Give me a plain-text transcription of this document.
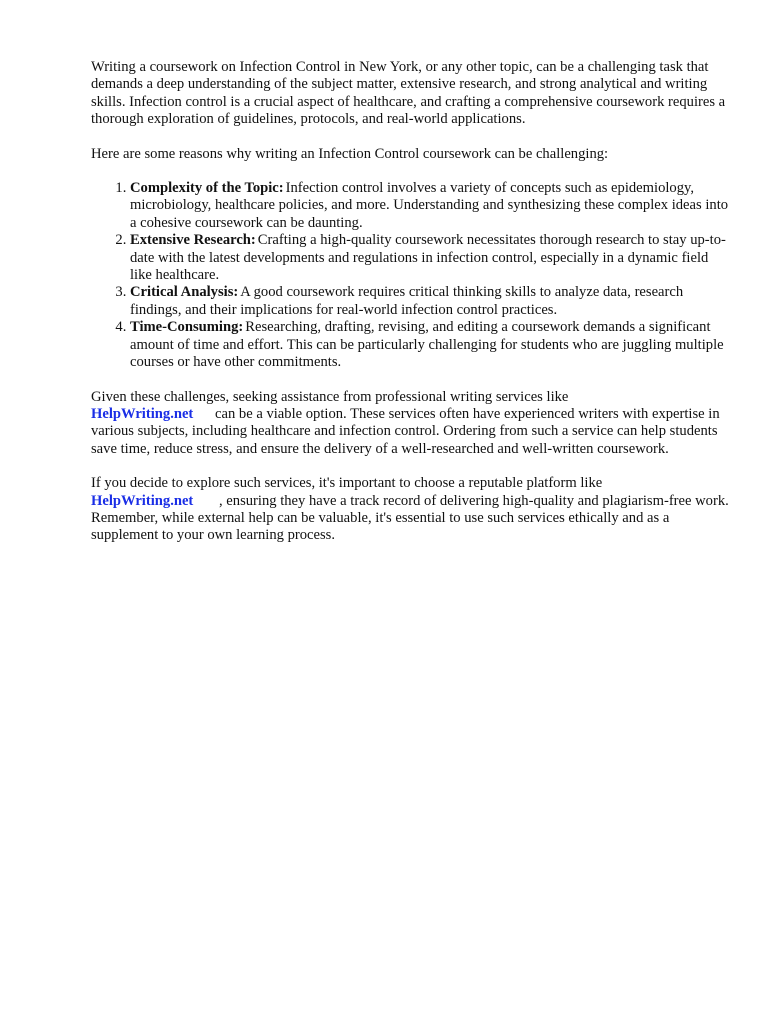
Writing a coursework on Infection Control in New York, or any other topic, can be a challenging task that demands a deep understanding of the subject matter, extensive research, and strong analytical and writing skills. Infection control is a crucial aspect of healthcare, and crafting a comprehensive coursework requires a thorough exploration of guidelines, protocols, and real-world applications.

Here are some reasons why writing an Infection Control coursework can be challenging:

1. Complexity of the Topic: Infection control involves a variety of concepts such as epidemiology, microbiology, healthcare policies, and more. Understanding and synthesizing these complex ideas into a cohesive coursework can be daunting.
2. Extensive Research: Crafting a high-quality coursework necessitates thorough research to stay up-to-date with the latest developments and regulations in infection control, especially in a dynamic field like healthcare.
3. Critical Analysis: A good coursework requires critical thinking skills to analyze data, research findings, and their implications for real-world infection control practices.
4. Time-Consuming: Researching, drafting, revising, and editing a coursework demands a significant amount of time and effort. This can be particularly challenging for students who are juggling multiple courses or have other commitments.

Given these challenges, seeking assistance from professional writing services like
HelpWriting.net can be a viable option. These services often have experienced writers with expertise in various subjects, including healthcare and infection control. Ordering from such a service can help students save time, reduce stress, and ensure the delivery of a well-researched and well-written coursework.

If you decide to explore such services, it's important to choose a reputable platform like
HelpWriting.net , ensuring they have a track record of delivering high-quality and plagiarism-free work. Remember, while external help can be valuable, it's essential to use such services ethically and as a supplement to your own learning process.
